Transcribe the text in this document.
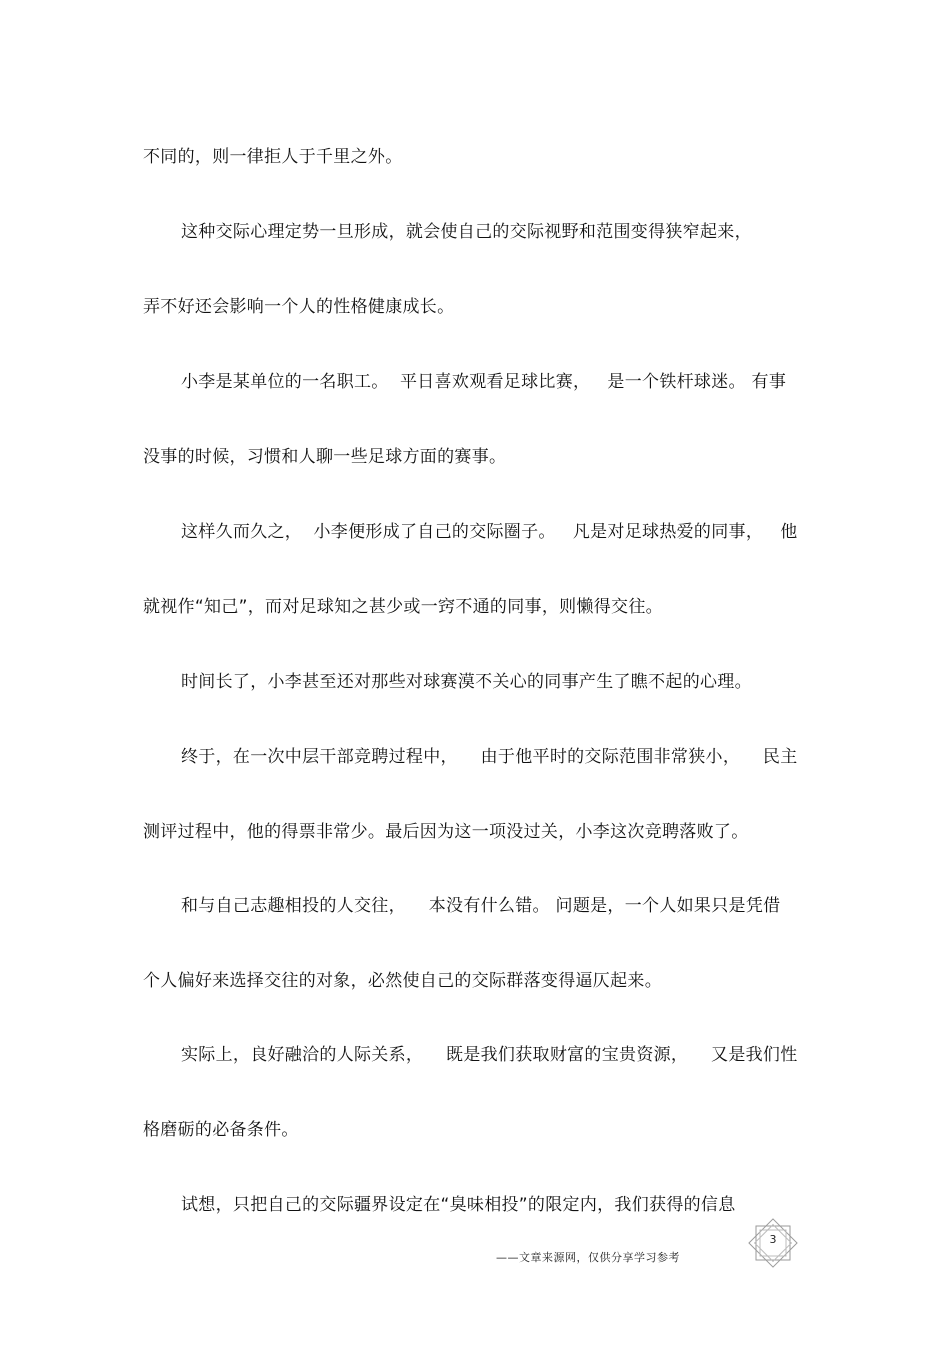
不同的，则一律拒人于千里之外。

这种交际心理定势一旦形成，就会使自己的交际视野和范围变得狭窄起来，

弄不好还会影响一个人的性格健康成长。

小李是某单位的一名职工。  平日喜欢观看足球比赛，   是一个铁杆球迷。 有事

没事的时候，习惯和人聊一些足球方面的赛事。

这样久而久之，  小李便形成了自己的交际圈子。   凡是对足球热爱的同事，   他

就视作“知己”，而对足球知之甚少或一窍不通的同事，则懒得交往。

时间长了，小李甚至还对那些对球赛漠不关心的同事产生了瞧不起的心理。

终于，在一次中层干部竞聘过程中，    由于他平时的交际范围非常狭小，    民主

测评过程中，他的得票非常少。最后因为这一项没过关，小李这次竞聘落败了。

和与自己志趣相投的人交往，    本没有什么错。 问题是，一个人如果只是凭借

个人偏好来选择交往的对象，必然使自己的交际群落变得逼仄起来。

实际上，良好融洽的人际关系，    既是我们获取财富的宝贵资源，    又是我们性

格磨砺的必备条件。

试想，只把自己的交际疆界设定在“臭味相投”的限定内，我们获得的信息

3
——文章来源网，仅供分享学习参考
